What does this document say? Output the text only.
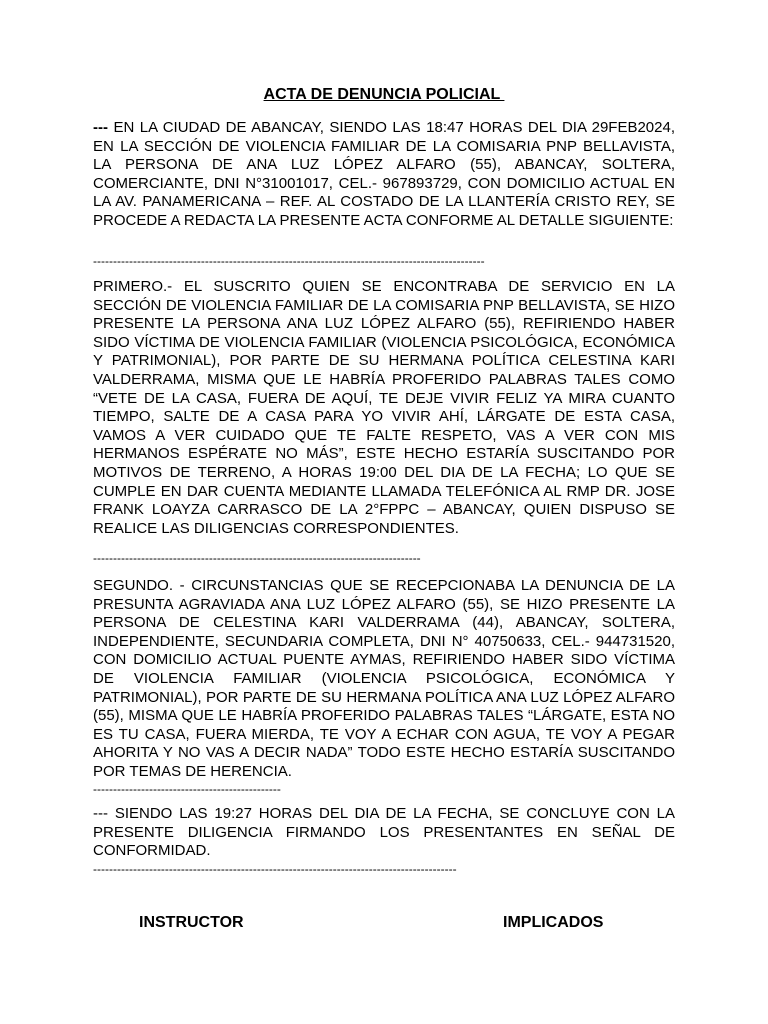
ACTA DE DENUNCIA POLICIAL
--- EN LA CIUDAD DE ABANCAY, SIENDO LAS 18:47 HORAS DEL DIA 29FEB2024, EN LA SECCIÓN DE VIOLENCIA FAMILIAR DE LA COMISARIA PNP BELLAVISTA, LA PERSONA DE ANA LUZ LÓPEZ ALFARO (55), ABANCAY, SOLTERA, COMERCIANTE, DNI N°31001017, CEL.- 967893729, CON DOMICILIO ACTUAL EN LA AV. PANAMERICANA – REF. AL COSTADO DE LA LLANTERÍA CRISTO REY, SE PROCEDE A REDACTA LA PRESENTE ACTA CONFORME AL DETALLE SIGUIENTE:
--------------------------------------------------------------------------------------------------
PRIMERO.- EL SUSCRITO QUIEN SE ENCONTRABA DE SERVICIO EN LA SECCIÓN DE VIOLENCIA FAMILIAR DE LA COMISARIA PNP BELLAVISTA, SE HIZO PRESENTE LA PERSONA ANA LUZ LÓPEZ ALFARO (55), REFIRIENDO HABER SIDO VÍCTIMA DE VIOLENCIA FAMILIAR (VIOLENCIA PSICOLÓGICA, ECONÓMICA Y PATRIMONIAL), POR PARTE DE SU HERMANA POLÍTICA CELESTINA KARI VALDERRAMA, MISMA QUE LE HABRÍA PROFERIDO PALABRAS TALES COMO “VETE DE LA CASA, FUERA DE AQUÍ, TE DEJE VIVIR FELIZ YA MIRA CUANTO TIEMPO, SALTE DE A CASA PARA YO VIVIR AHÍ, LÁRGATE DE ESTA CASA, VAMOS A VER CUIDADO QUE TE FALTE RESPETO, VAS A VER CON MIS HERMANOS ESPÉRATE NO MÁS”, ESTE HECHO ESTARÍA SUSCITANDO POR MOTIVOS DE TERRENO, A HORAS 19:00 DEL DIA DE LA FECHA; LO QUE SE CUMPLE EN DAR CUENTA MEDIANTE LLAMADA TELEFÓNICA AL RMP DR. JOSE FRANK LOAYZA CARRASCO DE LA 2°FPPC – ABANCAY, QUIEN DISPUSO SE REALICE LAS DILIGENCIAS CORRESPONDIENTES.
----------------------------------------------------------------------------------
SEGUNDO. - CIRCUNSTANCIAS QUE SE RECEPCIONABA LA DENUNCIA DE LA PRESUNTA AGRAVIADA ANA LUZ LÓPEZ ALFARO (55), SE HIZO PRESENTE LA PERSONA DE CELESTINA KARI VALDERRAMA (44), ABANCAY, SOLTERA, INDEPENDIENTE, SECUNDARIA COMPLETA, DNI N° 40750633, CEL.- 944731520, CON DOMICILIO ACTUAL PUENTE AYMAS, REFIRIENDO HABER SIDO VÍCTIMA DE VIOLENCIA FAMILIAR (VIOLENCIA PSICOLÓGICA, ECONÓMICA Y PATRIMONIAL), POR PARTE DE SU HERMANA POLÍTICA ANA LUZ LÓPEZ ALFARO (55), MISMA QUE LE HABRÍA PROFERIDO PALABRAS TALES “LÁRGATE, ESTA NO ES TU CASA, FUERA MIERDA, TE VOY A ECHAR CON AGUA, TE VOY A PEGAR AHORITA Y NO VAS A DECIR NADA” TODO ESTE HECHO ESTARÍA SUSCITANDO POR TEMAS DE HERENCIA.
-----------------------------------------------
--- SIENDO LAS 19:27 HORAS DEL DIA DE LA FECHA, SE CONCLUYE CON LA PRESENTE DILIGENCIA FIRMANDO LOS PRESENTANTES EN SEÑAL DE CONFORMIDAD.
-------------------------------------------------------------------------------------------
INSTRUCTOR	IMPLICADOS
